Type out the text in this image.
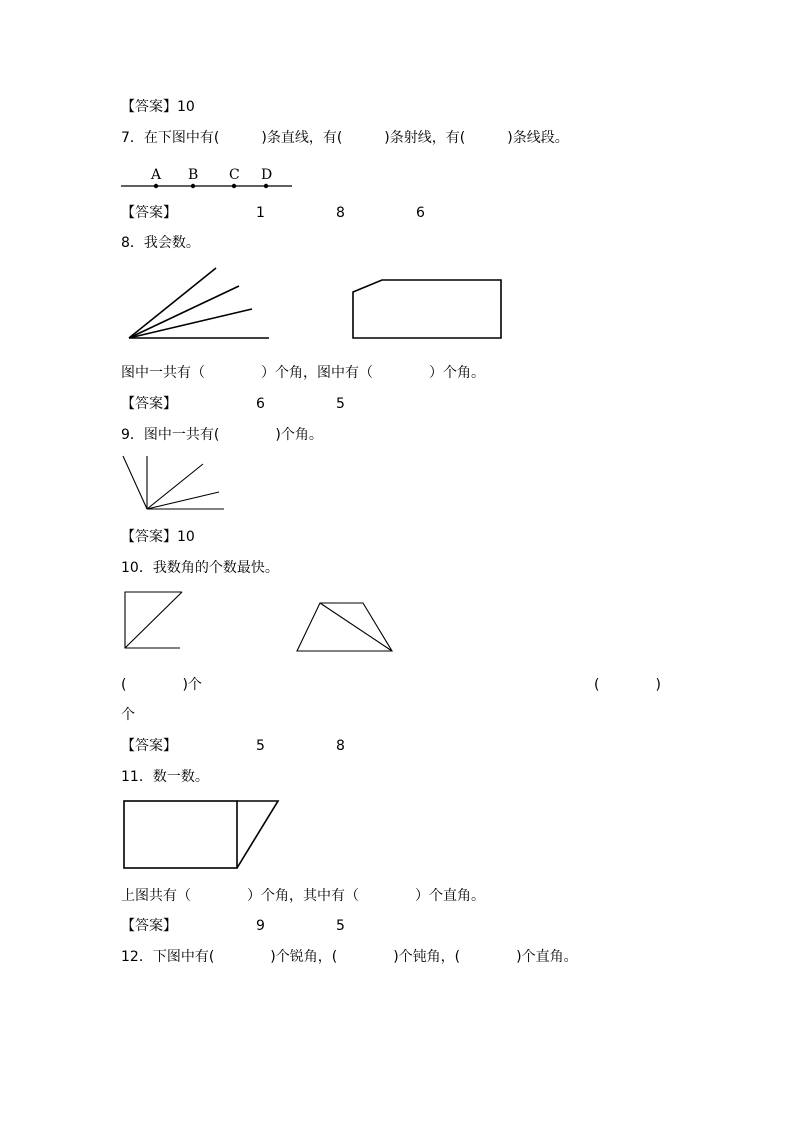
【答案】10
7．在下图中有(　　　)条直线，有(　　　)条射线，有(　　　)条线段。
A B C D
【答案】	1	8	6
8．我会数。
图中一共有（　　　　）个角，图中有（　　　　）个角。
【答案】	6	5
9．图中一共有(　　　　)个角。
【答案】10
10．我数角的个数最快。
(　　　　)个	(　　　　)
个
【答案】	5	8
11．数一数。
上图共有（　　　　）个角，其中有（　　　　）个直角。
【答案】	9	5
12．下图中有(　　　　)个锐角，(　　　　)个钝角，(　　　　)个直角。
